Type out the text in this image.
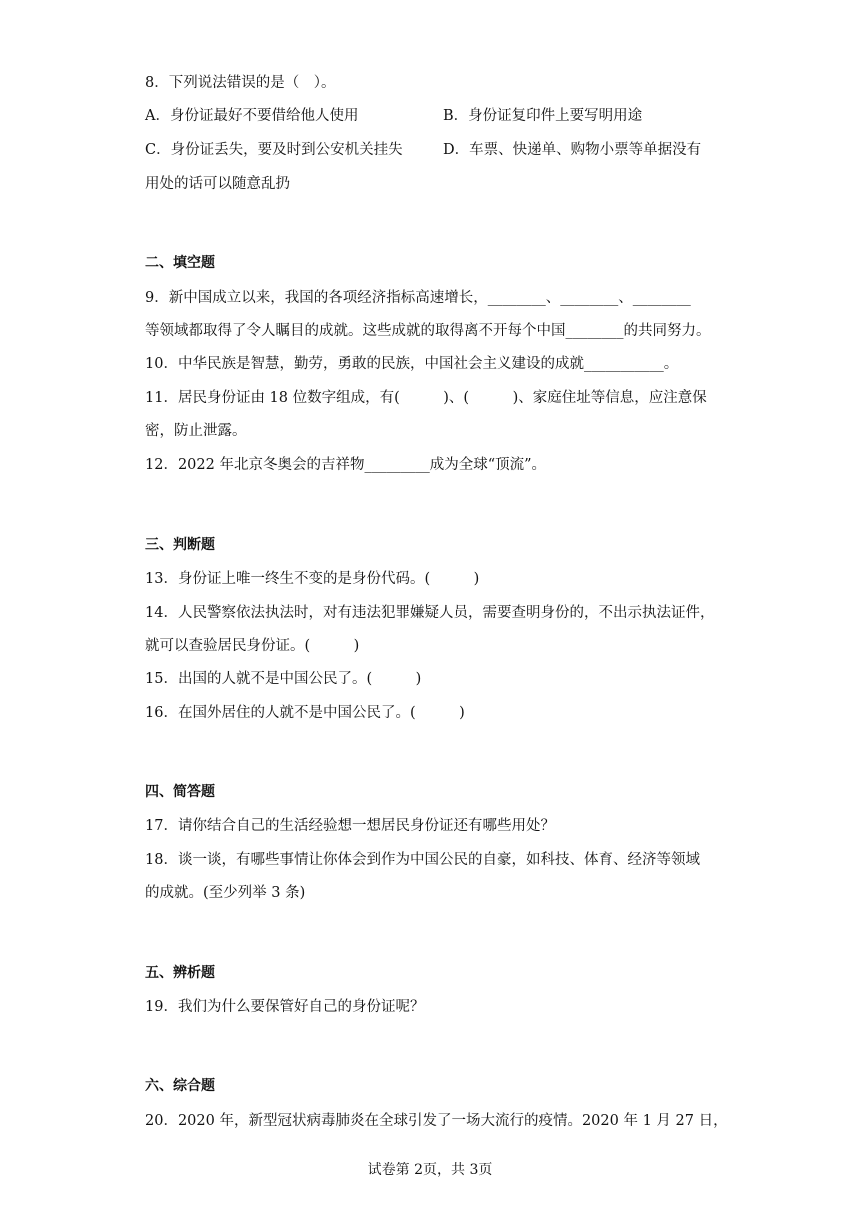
8．下列说法错误的是（　）。
A．身份证最好不要借给他人使用	B．身份证复印件上要写明用途
C．身份证丢失，要及时到公安机关挂失	D．车票、快递单、购物小票等单据没有
用处的话可以随意乱扔
二、填空题
9．新中国成立以来，我国的各项经济指标高速增长，________、________、________
等领域都取得了令人瞩目的成就。这些成就的取得离不开每个中国________的共同努力。
10．中华民族是智慧，勤劳，勇敢的民族，中国社会主义建设的成就___________。
11．居民身份证由 18 位数字组成，有(　　　)、(　　　)、家庭住址等信息，应注意保
密，防止泄露。
12．2022 年北京冬奥会的吉祥物_________成为全球“顶流”。
三、判断题
13．身份证上唯一终生不变的是身份代码。(　　　)
14．人民警察依法执法时，对有违法犯罪嫌疑人员，需要查明身份的，不出示执法证件，
就可以查验居民身份证。(　　　)
15．出国的人就不是中国公民了。(　　　)
16．在国外居住的人就不是中国公民了。(　　　)
四、简答题
17．请你结合自己的生活经验想一想居民身份证还有哪些用处？
18．谈一谈，有哪些事情让你体会到作为中国公民的自豪，如科技、体育、经济等领域
的成就。(至少列举 3 条)
五、辨析题
19．我们为什么要保管好自己的身份证呢？
六、综合题
20．2020 年，新型冠状病毒肺炎在全球引发了一场大流行的疫情。2020 年 1 月 27 日，
试卷第 2页，共 3页
